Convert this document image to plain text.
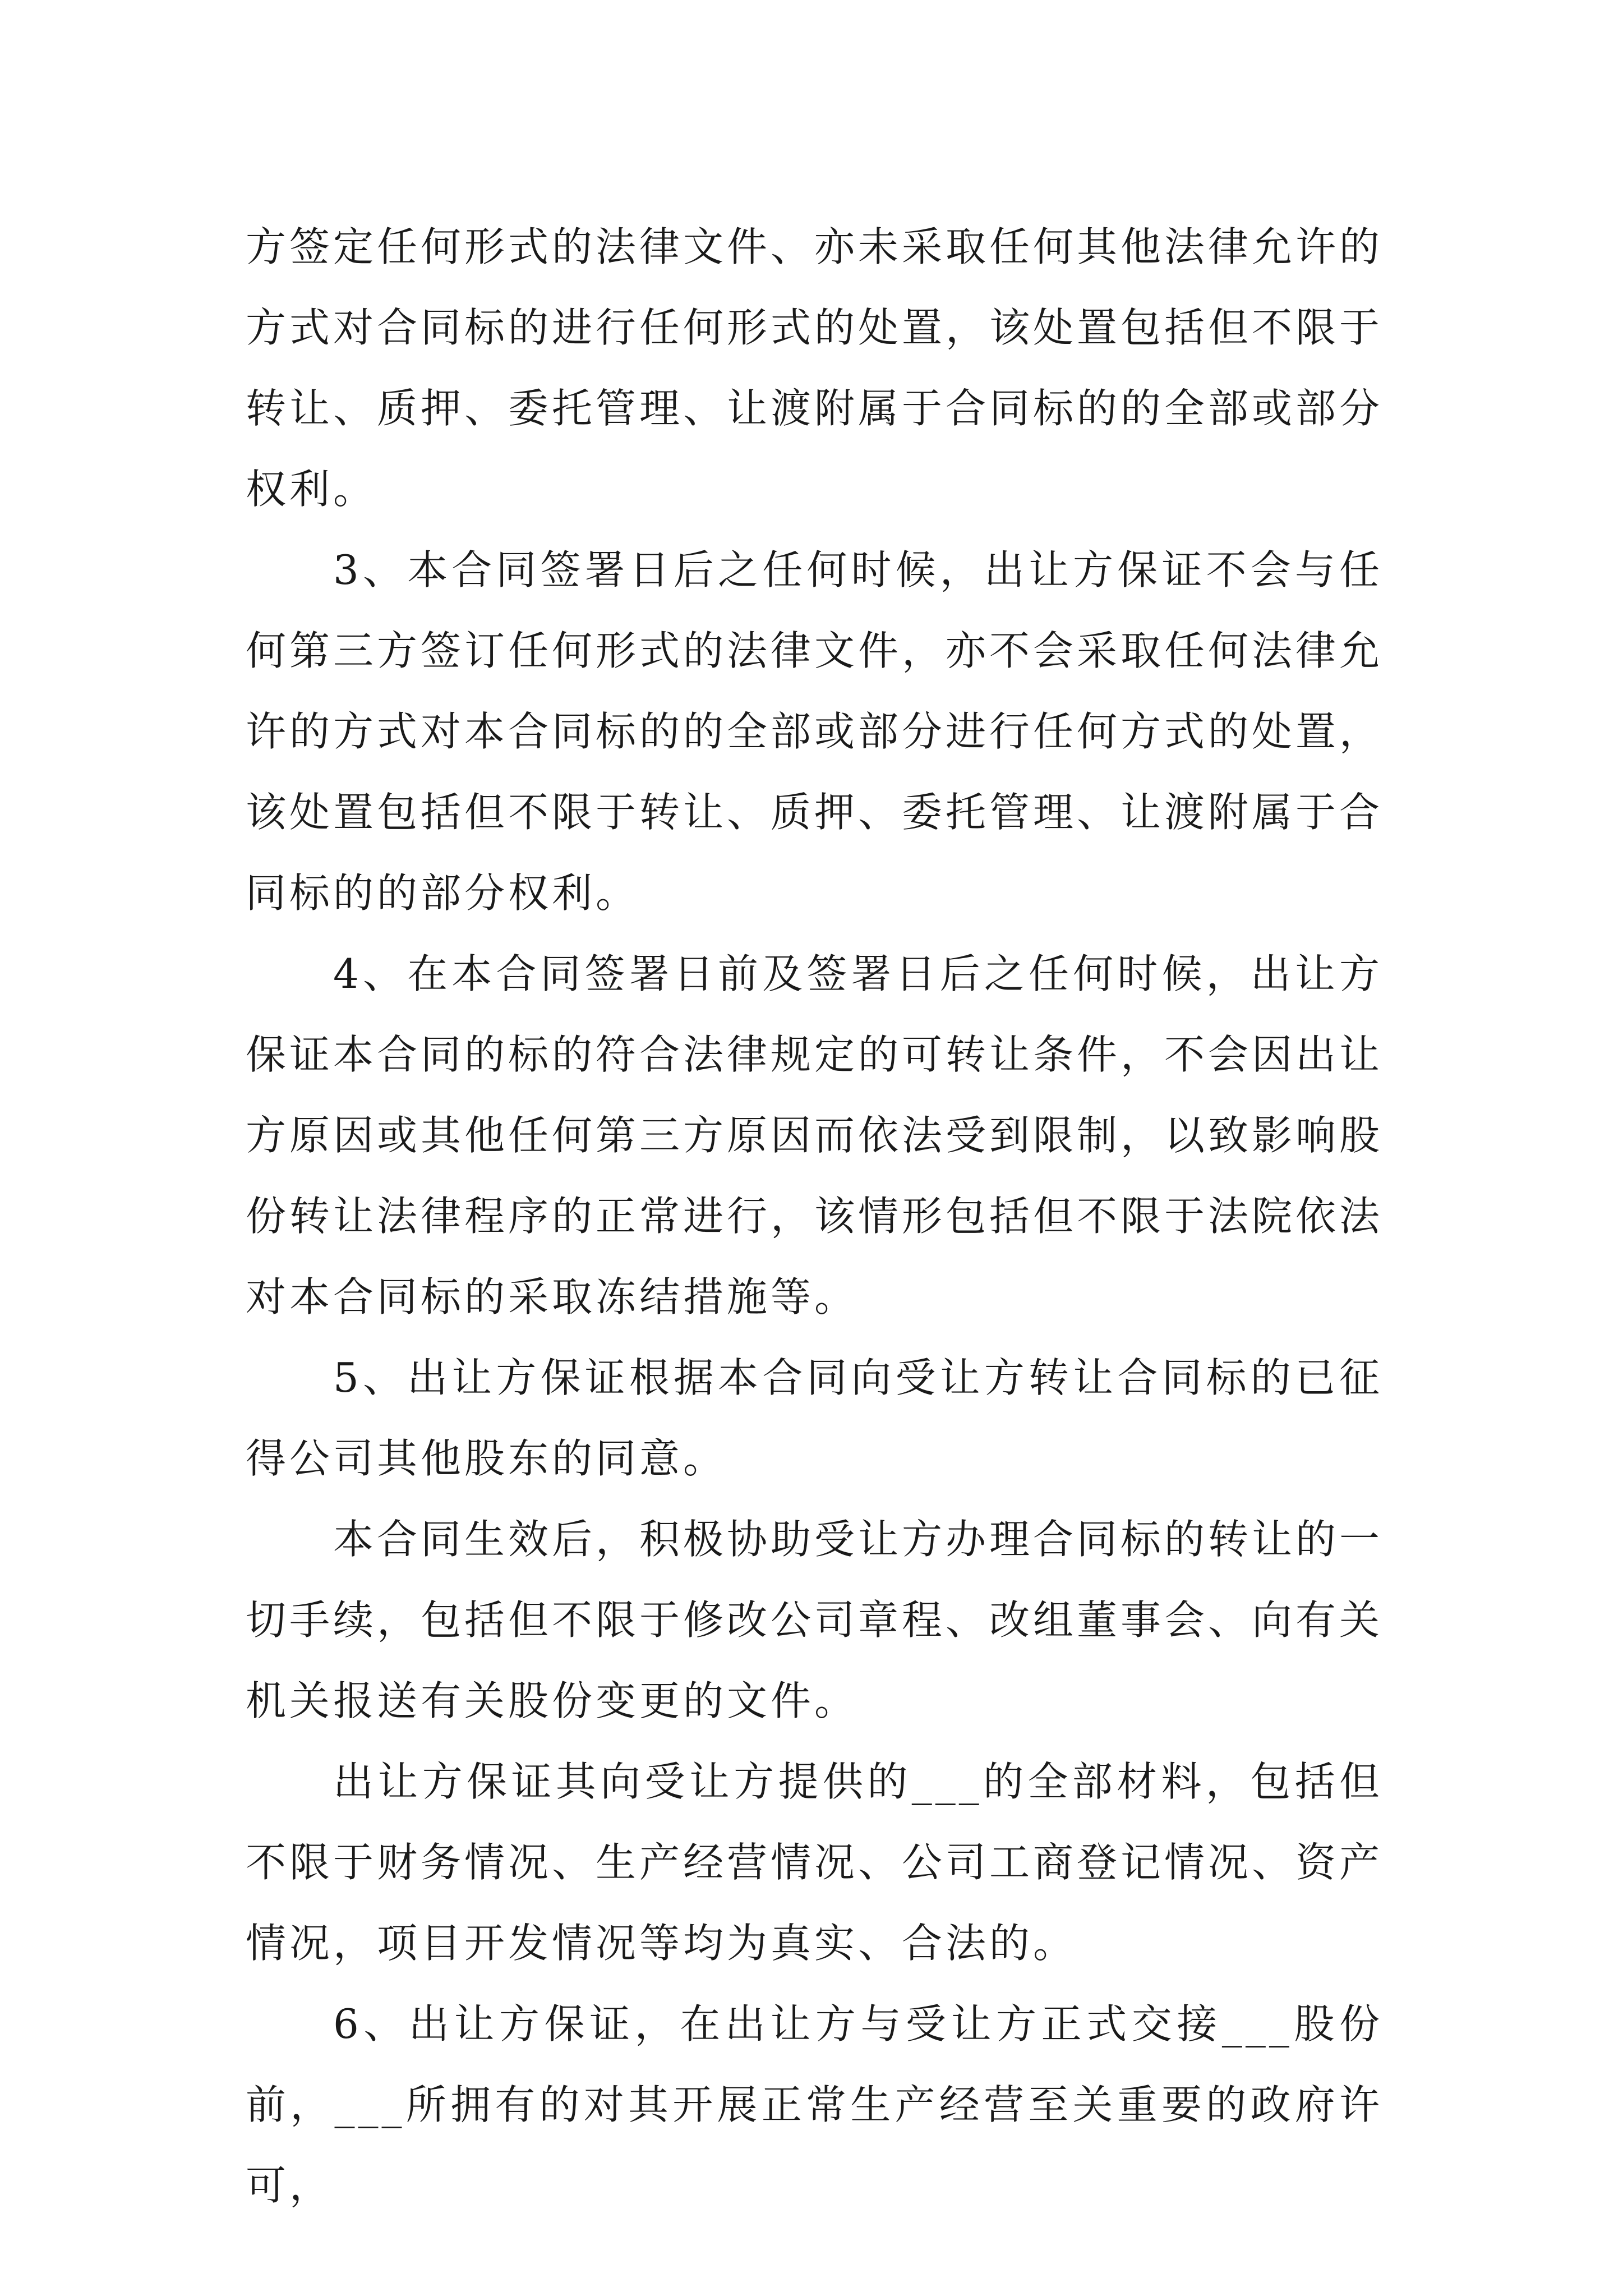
方签定任何形式的法律文件、亦未采取任何其他法律允许的方式对合同标的进行任何形式的处置，该处置包括但不限于转让、质押、委托管理、让渡附属于合同标的的全部或部分权利。

3、本合同签署日后之任何时候，出让方保证不会与任何第三方签订任何形式的法律文件，亦不会采取任何法律允许的方式对本合同标的的全部或部分进行任何方式的处置，该处置包括但不限于转让、质押、委托管理、让渡附属于合同标的的部分权利。

4、在本合同签署日前及签署日后之任何时候，出让方保证本合同的标的符合法律规定的可转让条件，不会因出让方原因或其他任何第三方原因而依法受到限制，以致影响股份转让法律程序的正常进行，该情形包括但不限于法院依法对本合同标的采取冻结措施等。

5、出让方保证根据本合同向受让方转让合同标的已征得公司其他股东的同意。

本合同生效后，积极协助受让方办理合同标的转让的一切手续，包括但不限于修改公司章程、改组董事会、向有关机关报送有关股份变更的文件。

出让方保证其向受让方提供的___的全部材料，包括但不限于财务情况、生产经营情况、公司工商登记情况、资产情况，项目开发情况等均为真实、合法的。

6、出让方保证，在出让方与受让方正式交接___股份前，___所拥有的对其开展正常生产经营至关重要的政府许可，
